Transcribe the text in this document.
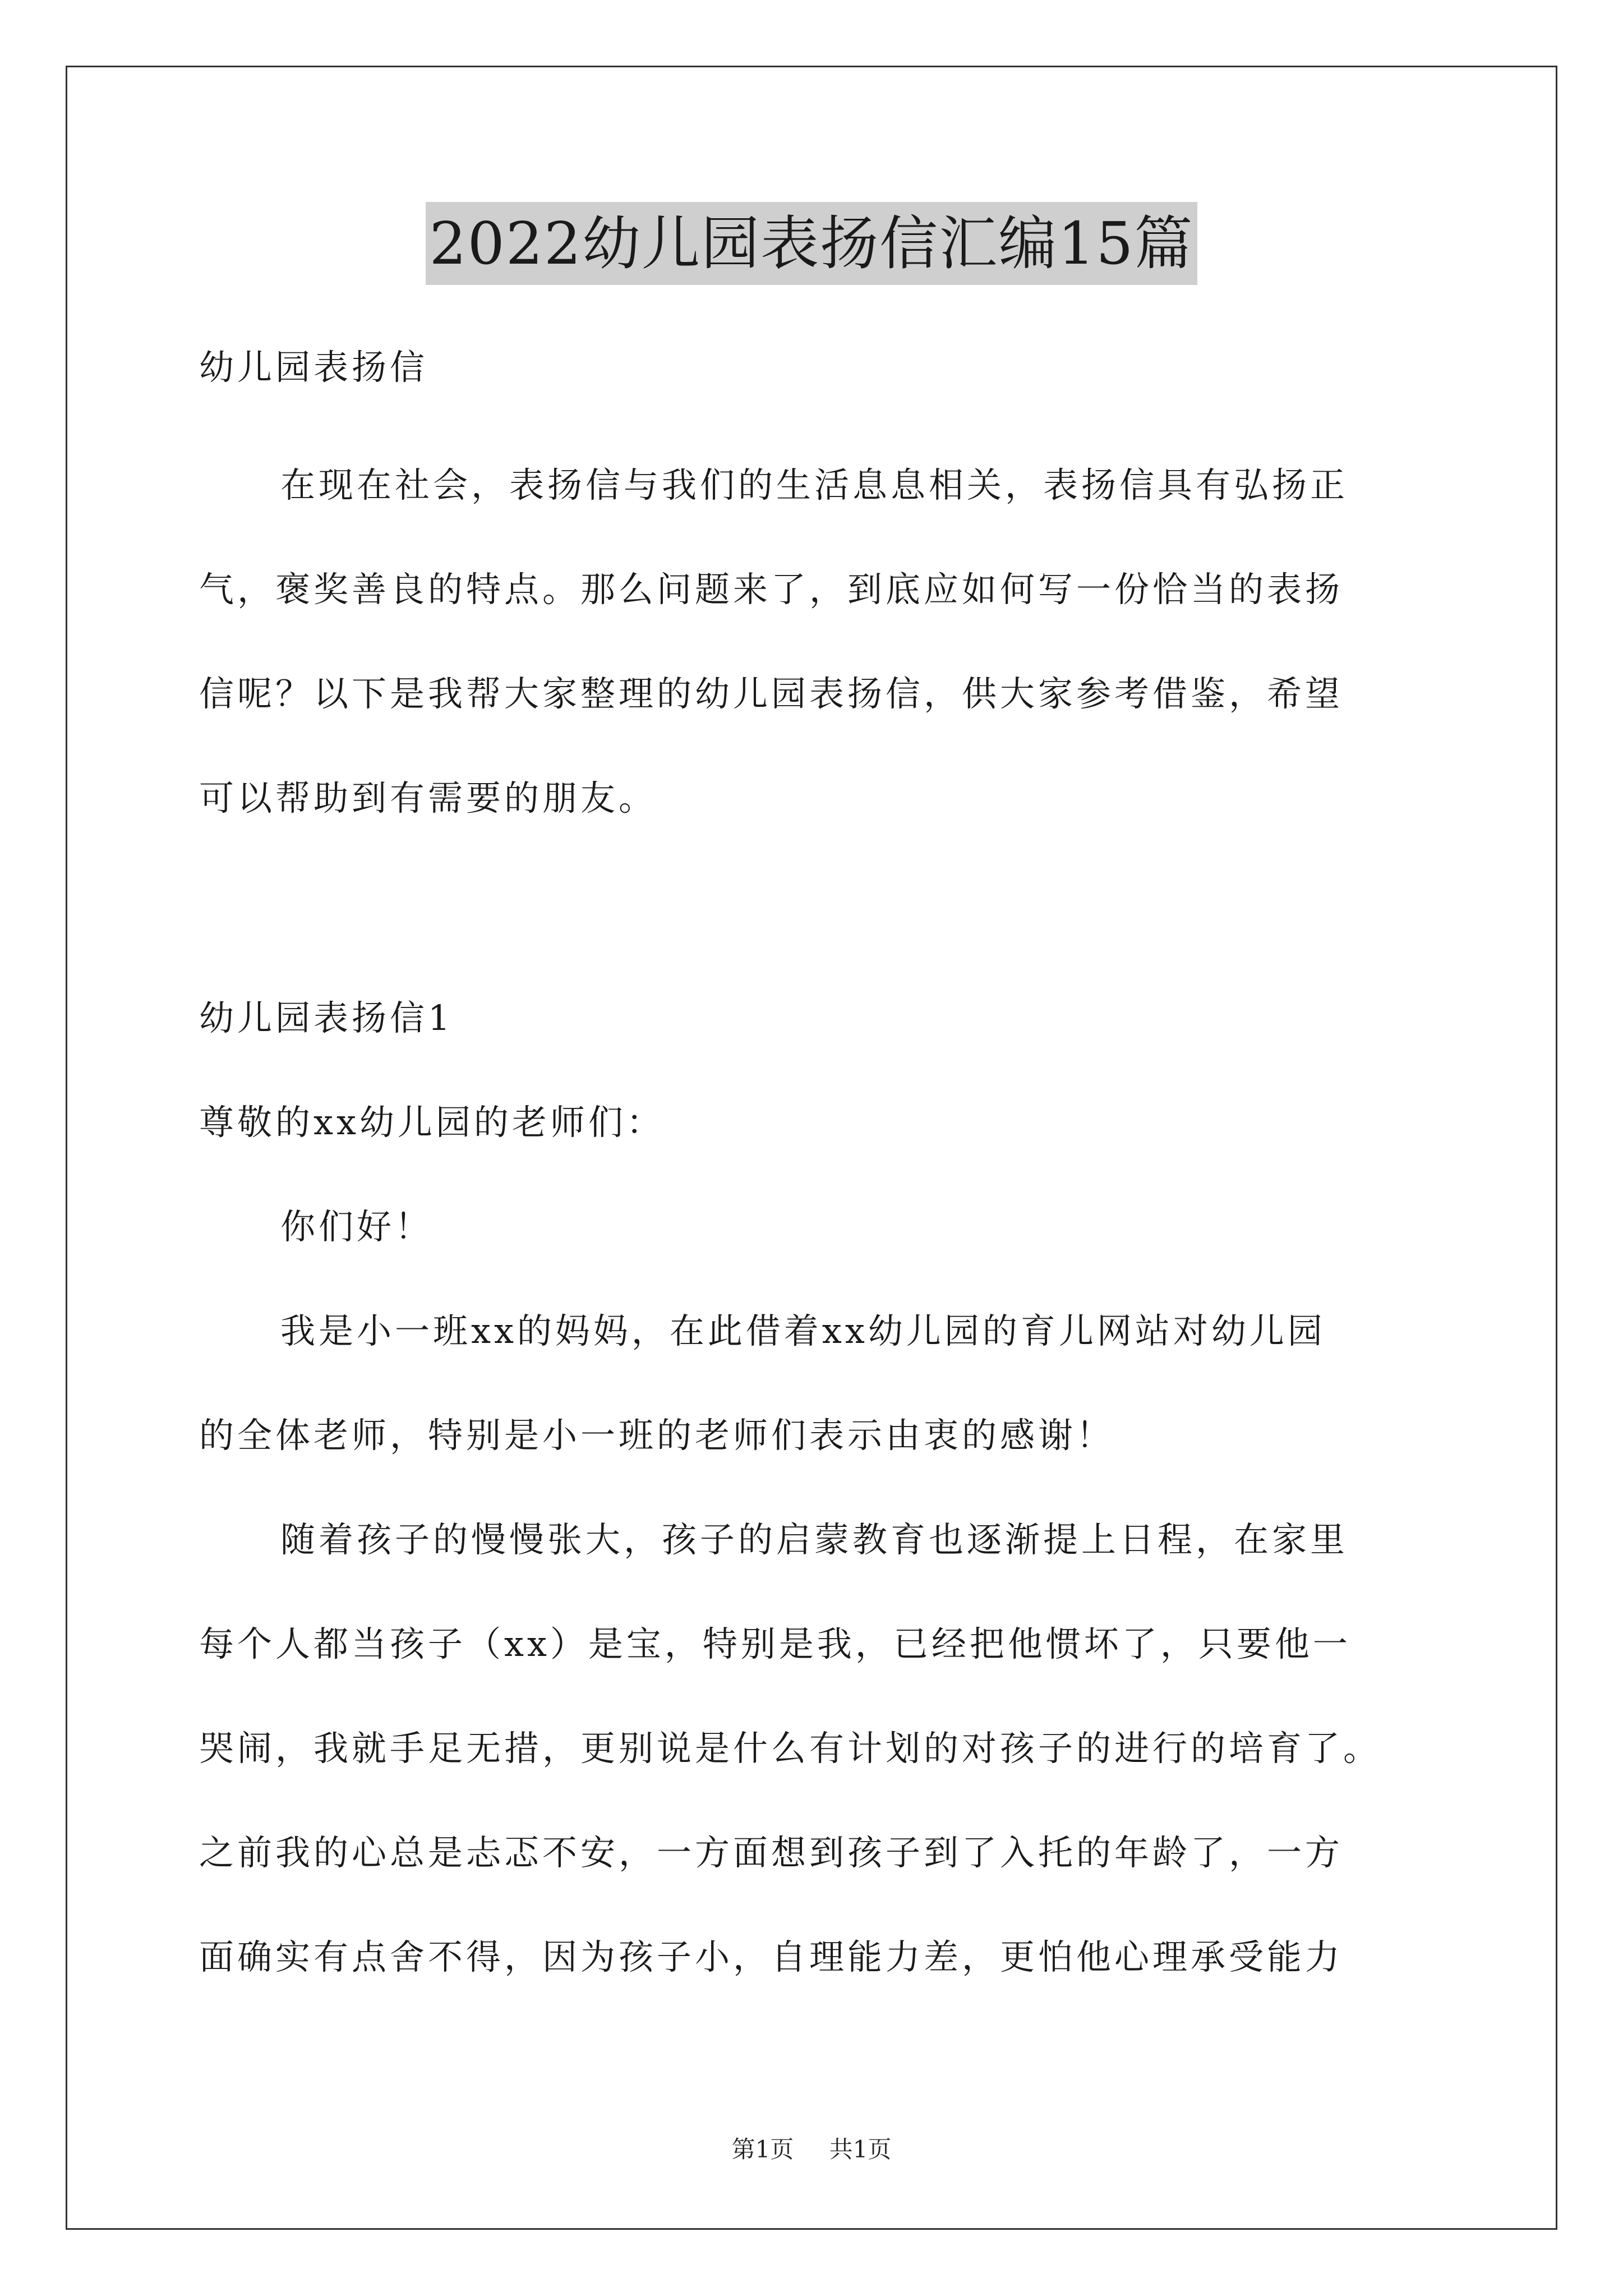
2022幼儿园表扬信汇编15篇
幼儿园表扬信
在现在社会，表扬信与我们的生活息息相关，表扬信具有弘扬正
气，褒奖善良的特点。那么问题来了，到底应如何写一份恰当的表扬
信呢？以下是我帮大家整理的幼儿园表扬信，供大家参考借鉴，希望
可以帮助到有需要的朋友。
幼儿园表扬信1
尊敬的xx幼儿园的老师们：
你们好！
我是小一班xx的妈妈，在此借着xx幼儿园的育儿网站对幼儿园
的全体老师，特别是小一班的老师们表示由衷的感谢！
随着孩子的慢慢张大，孩子的启蒙教育也逐渐提上日程，在家里
每个人都当孩子（xx）是宝，特别是我，已经把他惯坏了，只要他一
哭闹，我就手足无措，更别说是什么有计划的对孩子的进行的培育了。
之前我的心总是忐忑不安，一方面想到孩子到了入托的年龄了，一方
面确实有点舍不得，因为孩子小，自理能力差，更怕他心理承受能力
第1页 共1页
